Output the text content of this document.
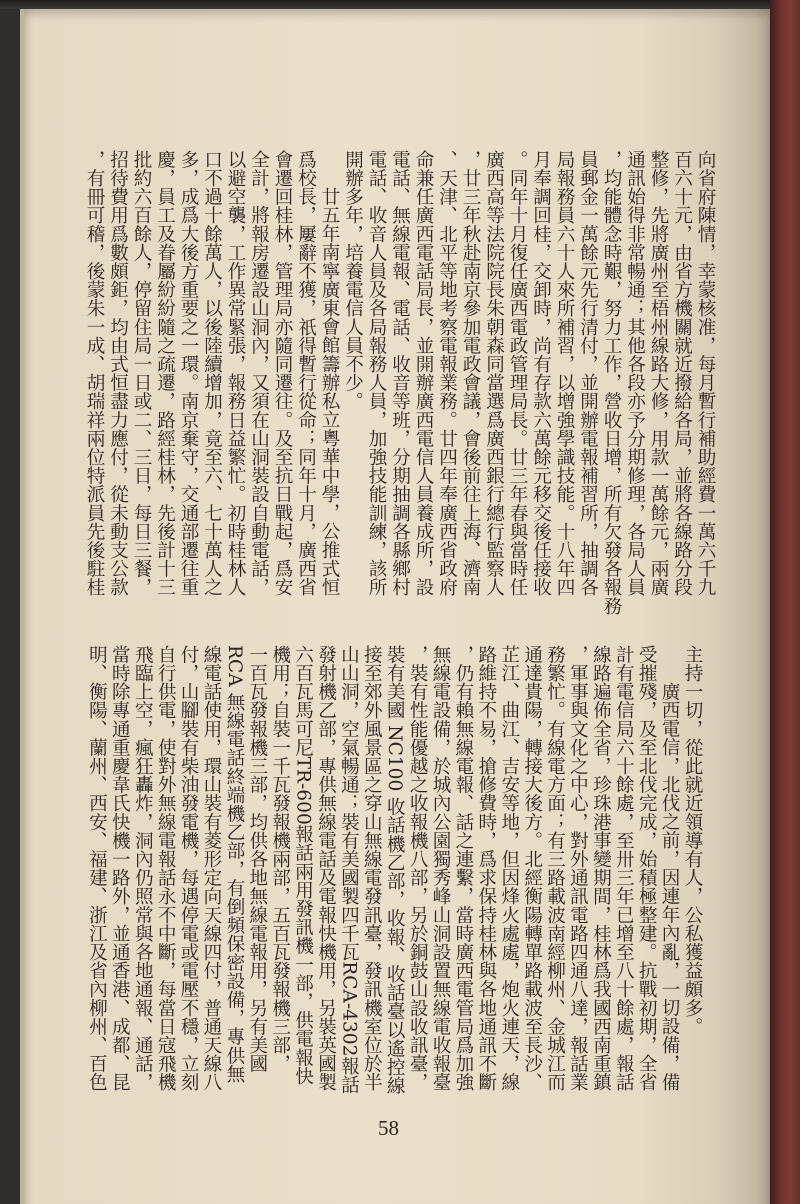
向省府陳情，幸蒙核准，每月暫行補助經費一萬六千九
百六十元，由省方機關就近撥給各局，並將各線路分段
整修，先將廣州至梧州線路大修，用款一萬餘元，兩廣
通訊始得非常暢通；其他各段亦予分期修理，各局人員
，均能體念時艱，努力工作，營收日增，所有欠發各報務
員郵金一萬餘元先行清付，並開辦電報補習所，抽調各
局報務員六十人來所補習，以增強學識技能。十八年四
月奉調回桂，交卸時，尚有存款六萬餘元移交後任接收
。同年十月復任廣西電政管理局長。廿三年春與當時任
廣西高等法院院長朱朝森同當選爲廣西銀行總行監察人
，廿三年秋赴南京參加電政會議，會後前往上海、濟南
、天津、北平等地考察電報業務。廿四年奉廣西省政府
命兼任廣西電話局長，並開辦廣西電信人員養成所，設
電話、無線電報、電話、收音等班，分期抽調各縣鄉村
電話、收音人員及各局報務人員，加強技能訓練，該所
開辦多年，培養電信人員不少。
廿五年南寧廣東會館籌辦私立粵華中學，公推式恒
爲校長，屢辭不獲，祇得暫行從命；同年十月，廣西省
會遷回桂林，管理局亦隨同遷往。及至抗日戰起，爲安
全計，將報房遷設山洞內，又須在山洞裝設自動電話，
以避空襲，工作異常緊張，報務日益繁忙。初時桂林人
口不過十餘萬人，以後陸續增加，竟至六、七十萬人之
多，成爲大後方重要之一環。南京棄守，交通部遷往重
慶，員工及眷屬紛紛隨之疏遷，路經桂林，先後計十三
批約六百餘人，停留住局一日或二、三日，每日三餐，
招待費用爲數頗鉅，均由式恒盡力應付，從未動支公款
，有冊可稽，後蒙朱一成、胡瑞祥兩位特派員先後駐桂
主持一切，從此就近領導有人，公私獲益頗多。
廣西電信，北伐之前，因連年內亂，一切設備，備
受摧殘，及至北伐完成，始積極整建。抗戰初期，全省
計有電信局六十餘處，至卅三年已增至八十餘處，報話
線路遍佈全省，珍珠港事變期間，桂林爲我國西南重鎮
，軍事與文化之中心，對外通訊電路四通八達，報話業
務繁忙。有線電方面；有三路載波南經柳州、金城江而
通達貴陽，轉接大後方。北經衡陽轉單路載波至長沙、
芷江、曲江、吉安等地，但因烽火處處，炮火連天，線
路維持不易，搶修費時，爲求保持桂林與各地通訊不斷
，仍有賴無線電報、話之連繫，當時廣西電管局爲加強
無線電設備，於城內公園獨秀峰山洞設置無線電收報臺
，裝有性能優越之收報機八部，另於銅鼓山設收訊臺，
裝有美國 NC100 收話機乙部，收報、收話臺以遙控線
接至郊外風景區之穿山無線電發訊臺，發訊機室位於半
山山洞，空氣暢通；裝有美國製四千瓦RCA-4302報話
發射機乙部，專供無線電話及電報快機用，另裝英國製
六百瓦馬可尼TR-600報話兩用發訊機一部，供電報快
機用；自裝一千瓦發報機兩部，五百瓦發報機三部，
一百瓦發報機三部，均供各地無線電報用，另有美國
RCA 無線電話終端機乙部，有倒頻保密設備，專供無
線電話使用，環山裝有菱形定向天線四付，普通天線八
付，山腳裝有柴油發電機，每遇停電或電壓不穩，立刻
自行供電，使對外無線電報話永不中斷，每當日寇飛機
飛臨上空，瘋狂轟炸，洞內仍照常與各地通報、通話，
當時除專通重慶韋氏快機一路外，並通香港、成都、昆
明、衡陽、蘭州、西安、福建、浙江及省內柳州、百色
58
